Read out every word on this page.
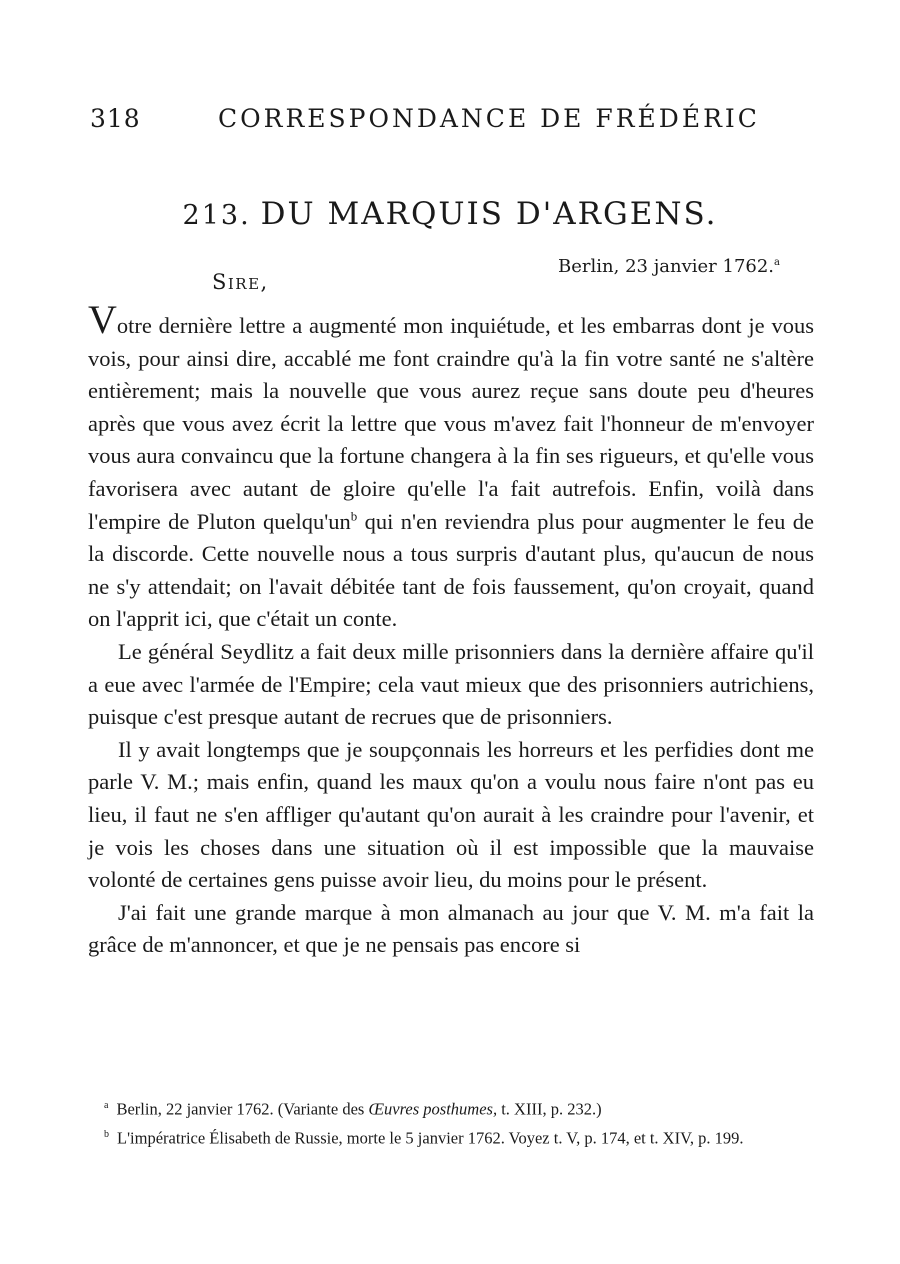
318	CORRESPONDANCE DE FRÉDÉRIC
213. DU MARQUIS D'ARGENS.
Berlin, 23 janvier 1762.$^a$
Sire,

Votre dernière lettre a augmenté mon inquiétude, et les embarras dont je vous vois, pour ainsi dire, accablé me font craindre qu'à la fin votre santé ne s'altère entièrement; mais la nouvelle que vous aurez reçue sans doute peu d'heures après que vous avez écrit la lettre que vous m'avez fait l'honneur de m'envoyer vous aura convaincu que la fortune changera à la fin ses rigueurs, et qu'elle vous favorisera avec autant de gloire qu'elle l'a fait autrefois. Enfin, voilà dans l'empire de Pluton $quelqu'un^b$ qui n'en reviendra plus pour augmenter le feu de la discorde. Cette nouvelle nous a tous surpris d'autant plus, qu'aucun de nous ne s'y attendait; on l'avait débitée tant de fois faussement, qu'on croyait, quand on l'apprit ici, que c'était un conte.

Le général Seydlitz a fait deux mille prisonniers dans la dernière affaire qu'il a eue avec l'armée de l'Empire; cela vaut mieux que des prisonniers autrichiens, puisque c'est presque autant de recrues que de prisonniers.

Il y avait longtemps que je soupçonnais les horreurs et les perfidies dont me parle V. M.; mais enfin, quand les maux qu'on a voulu nous faire n'ont pas eu lieu, il faut ne s'en affliger qu'autant qu'on aurait à les craindre pour l'avenir, et je vois les choses dans une situation où il est impossible que la mauvaise volonté de certaines gens puisse avoir lieu, du moins pour le présent.

J'ai fait une grande marque à mon almanach au jour que V. M. m'a fait la grâce de m'annoncer, et que je ne pensais pas encore si

$^a$ Berlin, 22 janvier 1762. (Variante des Œuvres posthumes, t. XIII, p. 232.)

$^b$ L'impératrice Élisabeth de Russie, morte le 5 janvier 1762. Voyez t. V, p. 174, et t. XIV, p. 199.
